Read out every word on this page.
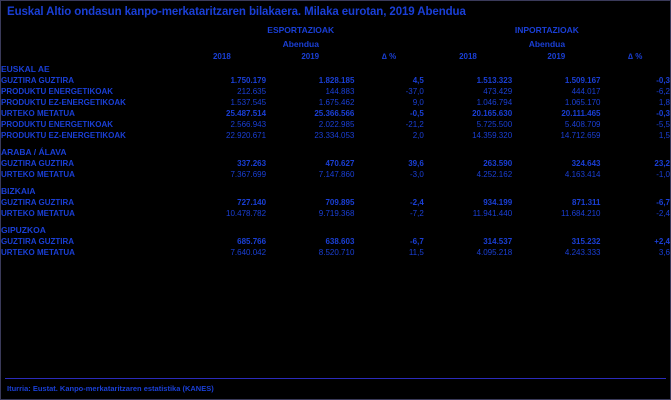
Euskal Altio ondasun kanpo-merkataritzaren bilakaera. Milaka eurotan, 2019 Abendua
	ESPORTAZIOAK			INPORTAZIOAK		
	Abendua			Abendua		
	2018	2019	∆ %	2018	2019	∆ %
EUSKAL AE						
GUZTIRA GUZTIRA	1.750.179	1.828.185	4,5	1.513.323	1.509.167	-0,3
PRODUKTU ENERGETIKOAK	212.635	144.883	-37,0	473.429	444.017	-6,2
PRODUKTU EZ-ENERGETIKOAK	1.537.545	1.675.462	9,0	1.046.794	1.065.170	1,8
URTEKO METATUA	25.487.514	25.366.566	-0,5	20.165.630	20.111.465	-0,3
PRODUKTU ENERGETIKOAK	2.566.943	2.022.985	-21,2	5.725.500	5.408.709	-5,5
PRODUKTU EZ-ENERGETIKOAK	22.920.671	23.334.053	2,0	14.359.320	14.712.659	1,5

ARABA / ÁLAVA						
GUZTIRA GUZTIRA	337.263	470.627	39,6	263.590	324.643	23,2
URTEKO METATUA	7.367.699	7.147.860	-3,0	4.252.162	4.163.414	-1,0

BIZKAIA						
GUZTIRA GUZTIRA	727.140	709.895	-2,4	934.199	871.311	-6,7
URTEKO METATUA	10.478.782	9.719.368	-7,2	11.941.440	11.684.210	-2,4

GIPUZKOA						
GUZTIRA GUZTIRA	685.766	638.603	-6,7	314.537	315.232	+2,4
URTEKO METATUA	7.640.042	8.520.710	11,5	4.095.218	4.243.333	3,6
Iturria: Eustat. Kanpo-merkataritzaren estatistika (KANES)
